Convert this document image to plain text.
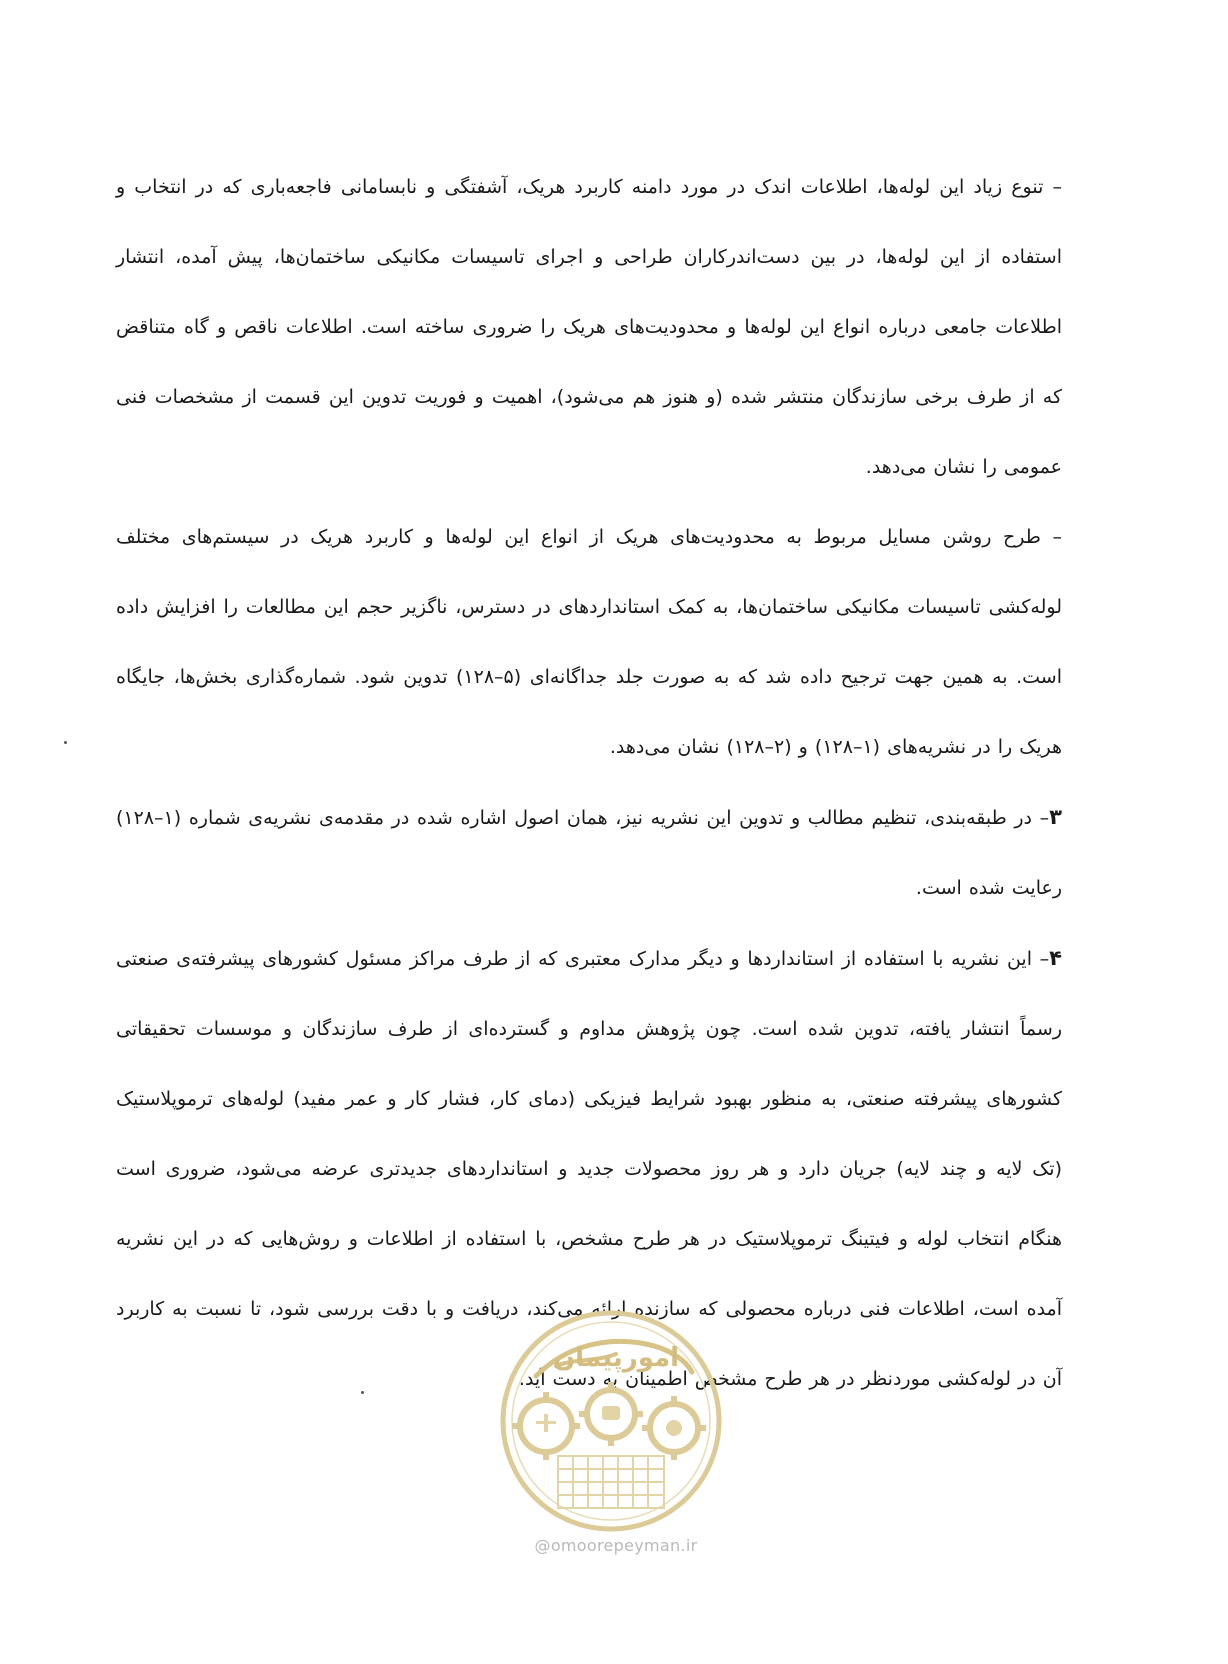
– تنوع زیاد این لوله‌ها، اطلاعات اندک در مورد دامنه کاربرد هریک، آشفتگی و نابسامانی فاجعه‌باری که در انتخاب و استفاده از این لوله‌ها، در بین دست‌اندرکاران طراحی و اجرای تاسیسات مکانیکی ساختمان‌ها، پیش آمده، انتشار اطلاعات جامعی درباره انواع این لوله‌ها و محدودیت‌های هریک را ضروری ساخته است. اطلاعات ناقص و گاه متناقض که از طرف برخی سازندگان منتشر شده (و هنوز هم می‌شود)، اهمیت و فوریت تدوین این قسمت از مشخصات فنی عمومی را نشان می‌دهد.

– طرح روشن مسایل مربوط به محدودیت‌های هریک از انواع این لوله‌ها و کاربرد هریک در سیستم‌های مختلف لوله‌کشی تاسیسات مکانیکی ساختمان‌ها، به کمک استانداردهای در دسترس، ناگزیر حجم این مطالعات را افزایش داده است. به همین جهت ترجیح داده شد که به صورت جلد جداگانه‌ای (۵–۱۲۸) تدوین شود. شماره‌گذاری بخش‌ها، جایگاه هریک را در نشریه‌های (۱–۱۲۸) و (۲–۱۲۸) نشان می‌دهد.

۳– در طبقه‌بندی، تنظیم مطالب و تدوین این نشریه نیز، همان اصول اشاره شده در مقدمه‌ی نشریه‌ی شماره (۱–۱۲۸) رعایت شده است.

۴– این نشریه با استفاده از استانداردها و دیگر مدارک معتبری که از طرف مراکز مسئول کشورهای پیشرفته‌ی صنعتی رسماً انتشار یافته، تدوین شده است. چون پژوهش مداوم و گسترده‌ای از طرف سازندگان و موسسات تحقیقاتی کشورهای پیشرفته صنعتی، به منظور بهبود شرایط فیزیکی (دمای کار، فشار کار و عمر مفید) لوله‌های ترموپلاستیک (تک لایه و چند لایه) جریان دارد و هر روز محصولات جدید و استانداردهای جدیدتری عرضه می‌شود، ضروری است هنگام انتخاب لوله و فیتینگ ترموپلاستیک در هر طرح مشخص، با استفاده از اطلاعات و روش‌هایی که در این نشریه آمده است، اطلاعات فنی درباره محصولی که سازنده ارائه می‌کند، دریافت و با دقت بررسی شود، تا نسبت به کاربرد آن در لوله‌کشی موردنظر در هر طرح مشخص اطمینان به دست آید.

امورپیمان
@omoorepeyman.ir
